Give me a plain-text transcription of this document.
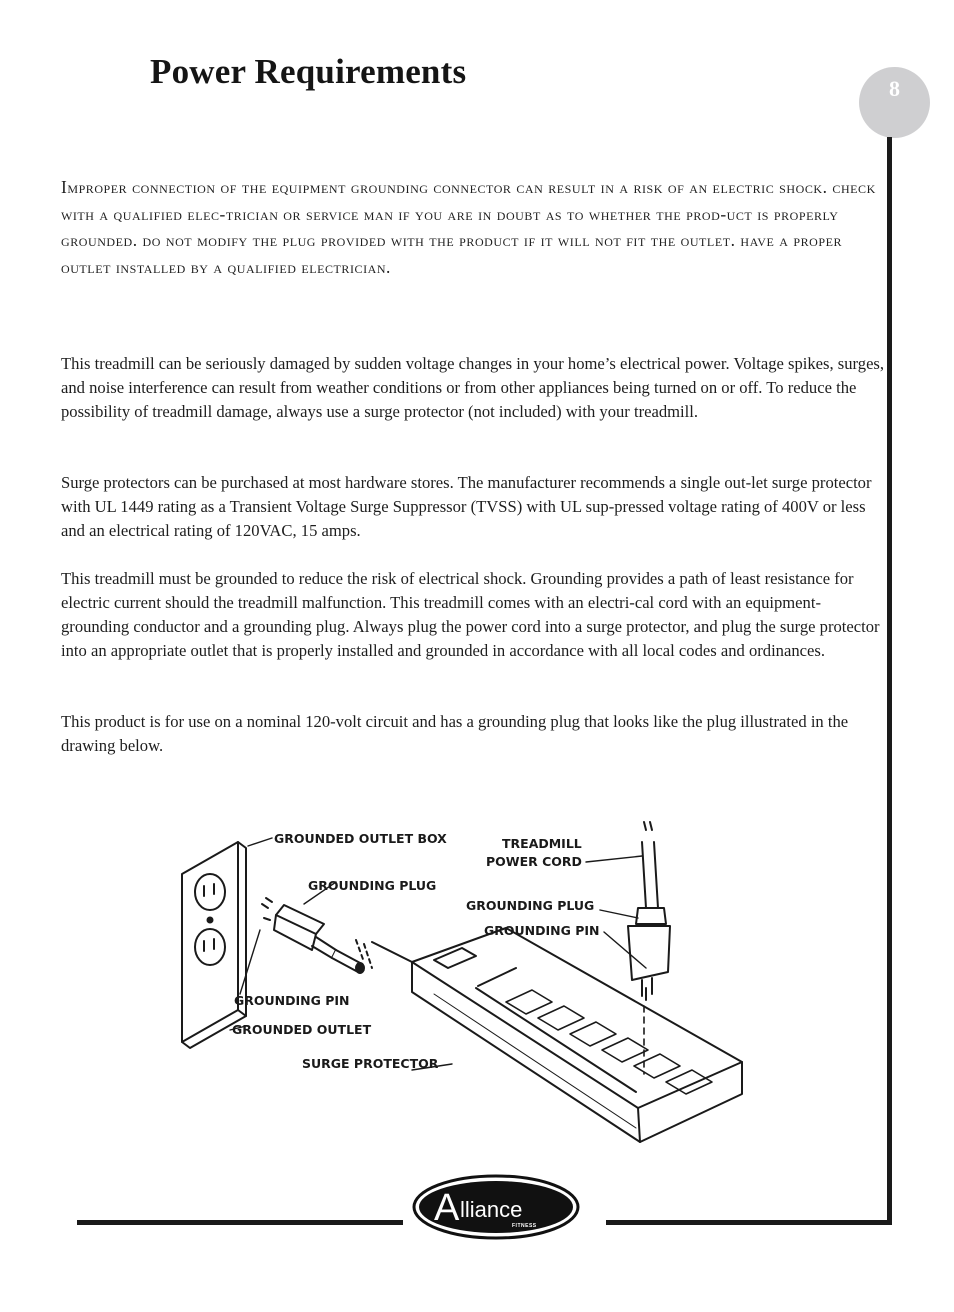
Power Requirements	8

Improper connection of the equipment grounding connector can result in a risk of an electric shock. check with a qualified elec-trician or service man if you are in doubt as to whether the prod-uct is properly grounded. do not modify the plug provided with the product if it will not fit the outlet. have a proper outlet installed by a qualified electrician.

This treadmill can be seriously damaged by sudden voltage changes in your home’s electrical power. Voltage spikes, surges, and noise interference can result from weather conditions or from other appliances being turned on or off. To reduce the possibility of treadmill damage, always use a surge protector (not included) with your treadmill.

Surge protectors can be purchased at most hardware stores. The manufacturer recommends a single out-let surge protector with UL 1449 rating as a Transient Voltage Surge Suppressor (TVSS) with UL sup-pressed voltage rating of 400V or less and an electrical rating of 120VAC, 15 amps.

This treadmill must be grounded to reduce the risk of electrical shock. Grounding provides a path of least resistance for electric current should the treadmill malfunction. This treadmill comes with an electri-cal cord with an equipment-grounding conductor and a grounding plug. Always plug the power cord into a surge protector, and plug the surge protector into an appropriate outlet that is properly installed and grounded in accordance with all local codes and ordinances.

This product is for use on a nominal 120-volt circuit and has a grounding plug that looks like the plug illustrated in the drawing below.

GROUNDED OUTLET BOX
GROUNDING PLUG
GROUNDING PIN
GROUNDED OUTLET
SURGE PROTECTOR
TREADMILL
POWER CORD
GROUNDING PLUG
GROUNDING PIN
A lliance
FITNESS
